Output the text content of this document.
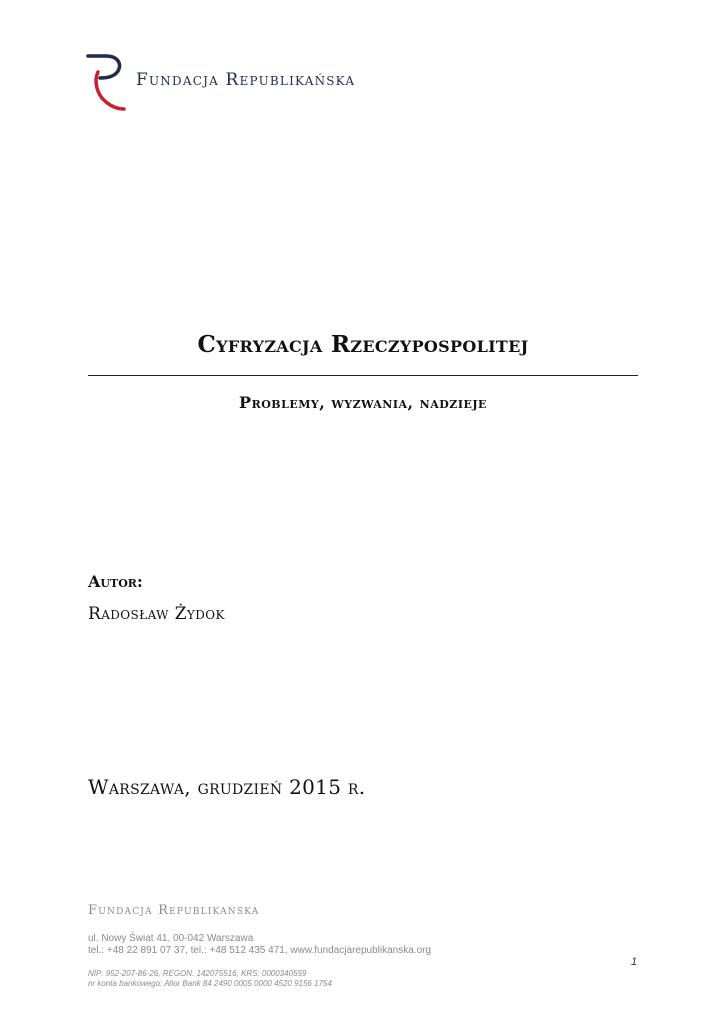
Fundacja Republikańska
Cyfryzacja Rzeczypospolitej
Problemy, wyzwania, nadzieje
Autor:
Radosław Żydok
Warszawa, grudzień 2015 r.
Fundacja Republikańska
ul. Nowy Świat 41, 00-042 Warszawa
tel.: +48 22 891 07 37, tel.: +48 512 435 471, www.fundacjarepublikanska.org
NIP: 952-207-86-26, REGON: 142075516, KRS: 0000340559
nr konta bankowego: Alior Bank 84 2490 0005 0000 4520 9156 1754
1
